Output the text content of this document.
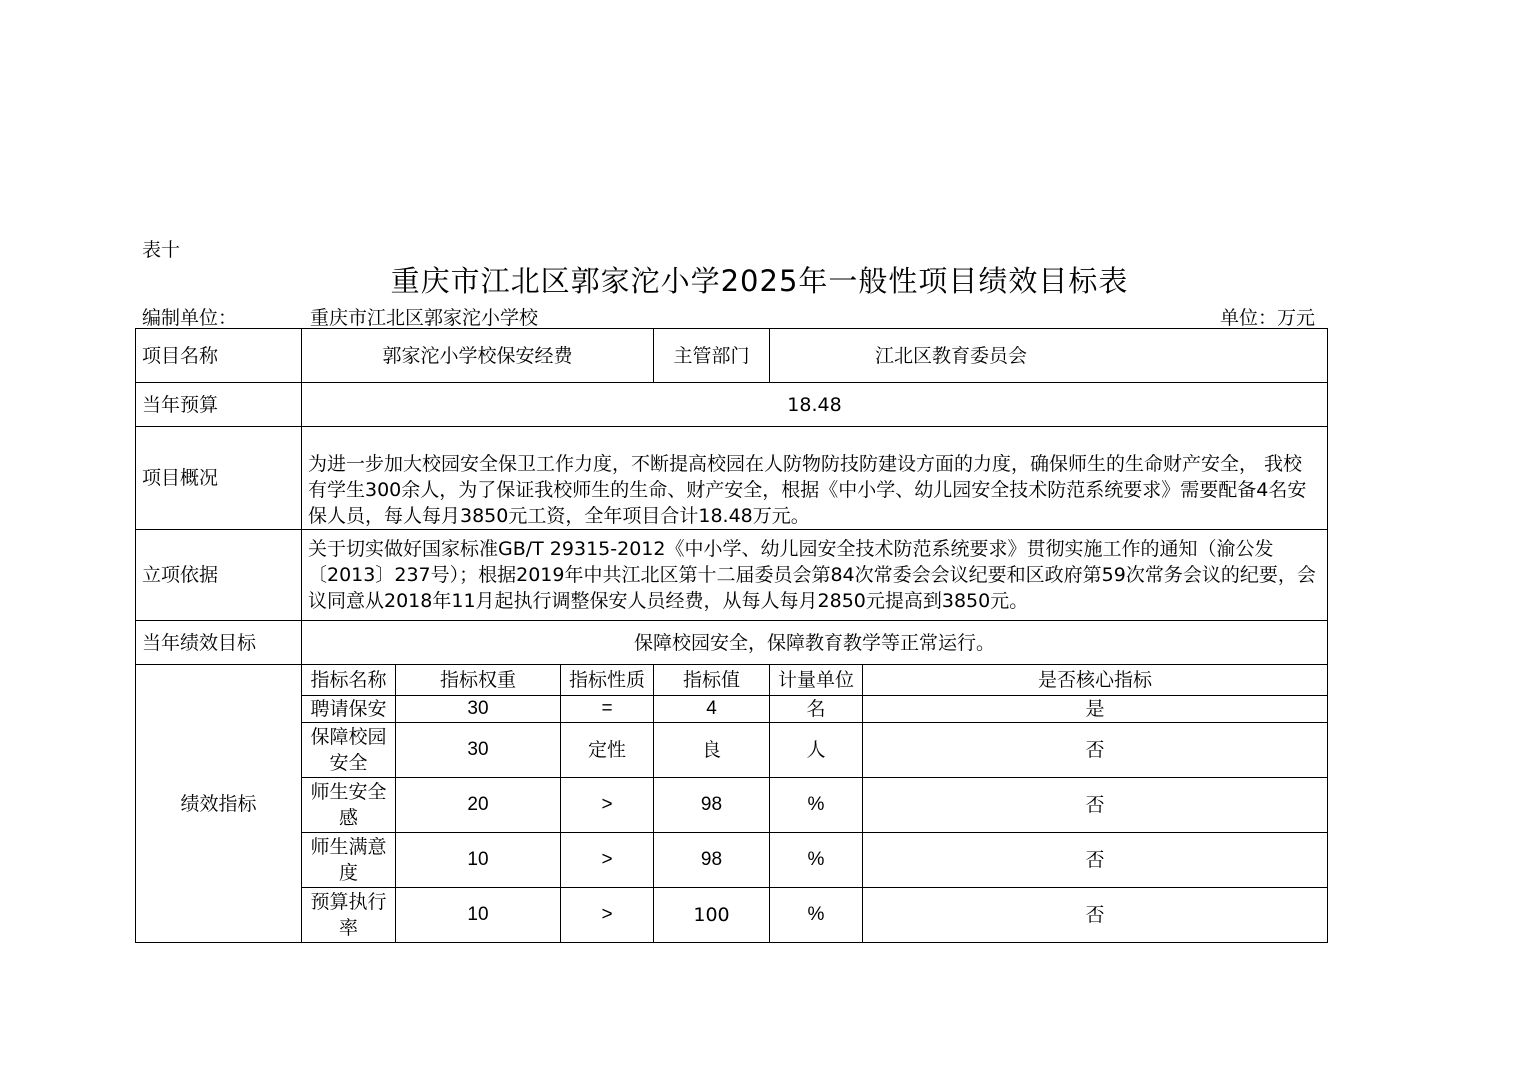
表十
重庆市江北区郭家沱小学2025年一般性项目绩效目标表
编制单位：	重庆市江北区郭家沱小学校	单位：万元
项目名称	郭家沱小学校保安经费			主管部门	江北区教育委员会	
当年预算	18.48					
项目概况	为进一步加大校园安全保卫工作力度，不断提高校园在人防物防技防建设方面的力度，确保师生的生命财产安全， 我校有学生300余人，为了保证我校师生的生命、财产安全，根据《中小学、幼儿园安全技术防范系统要求》需要配备4名安保人员，每人每月3850元工资，全年项目合计18.48万元。					
立项依据	关于切实做好国家标准GB/T 29315-2012《中小学、幼儿园安全技术防范系统要求》贯彻实施工作的通知（渝公发〔2013〕237号）；根据2019年中共江北区第十二届委员会第84次常委会会议纪要和区政府第59次常务会议的纪要，会议同意从2018年11月起执行调整保安人员经费，从每人每月2850元提高到3850元。					
当年绩效目标	保障校园安全，保障教育教学等正常运行。					
绩效指标	指标名称	指标权重	指标性质	指标值	计量单位	是否核心指标
	聘请保安	30	=	4	名	是
	保障校园安全	30	定性	良	人	否
	师生安全感	20	>	98	%	否
	师生满意度	10	>	98	%	否
	预算执行率	10	>	100	%	否
